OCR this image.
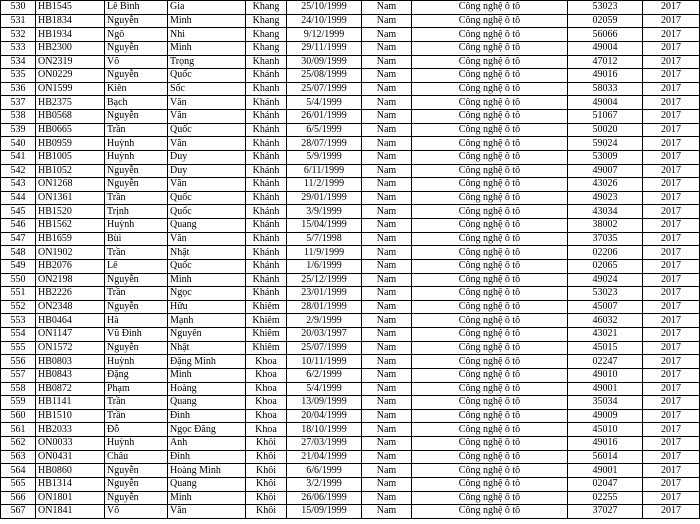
530	HB1545	Lê Bình	Gia	Khang	25/10/1999	Nam	Công nghệ ô tô	53023	2017
531	HB1834	Nguyễn	Minh	Khang	24/10/1999	Nam	Công nghệ ô tô	02059	2017
532	HB1934	Ngô	Nhi	Khang	9/12/1999	Nam	Công nghệ ô tô	56066	2017
533	HB2300	Nguyễn	Minh	Khang	29/11/1999	Nam	Công nghệ ô tô	49004	2017
534	ON2319	Võ	Trọng	Khanh	30/09/1999	Nam	Công nghệ ô tô	47012	2017
535	ON0229	Nguyễn	Quốc	Khánh	25/08/1999	Nam	Công nghệ ô tô	49016	2017
536	ON1599	Kiên	Sốc	Khanh	25/07/1999	Nam	Công nghệ ô tô	58033	2017
537	HB2375	Bạch	Văn	Khánh	5/4/1999	Nam	Công nghệ ô tô	49004	2017
538	HB0568	Nguyễn	Văn	Khánh	26/01/1999	Nam	Công nghệ ô tô	51067	2017
539	HB0665	Trần	Quốc	Khánh	6/5/1999	Nam	Công nghệ ô tô	50020	2017
540	HB0959	Huỳnh	Văn	Khánh	28/07/1999	Nam	Công nghệ ô tô	59024	2017
541	HB1005	Huỳnh	Duy	Khánh	5/9/1999	Nam	Công nghệ ô tô	53009	2017
542	HB1052	Nguyễn	Duy	Khánh	6/11/1999	Nam	Công nghệ ô tô	49007	2017
543	ON1268	Nguyễn	Văn	Khánh	11/2/1999	Nam	Công nghệ ô tô	43026	2017
544	ON1361	Trần	Quốc	Khánh	29/01/1999	Nam	Công nghệ ô tô	49023	2017
545	HB1520	Trịnh	Quốc	Khánh	3/9/1999	Nam	Công nghệ ô tô	43034	2017
546	HB1562	Huỳnh	Quang	Khánh	15/04/1999	Nam	Công nghệ ô tô	38002	2017
547	HB1659	Bùi	Văn	Khánh	5/7/1998	Nam	Công nghệ ô tô	37035	2017
548	ON1902	Trần	Nhật	Khánh	11/9/1999	Nam	Công nghệ ô tô	02206	2017
549	HB2076	Lê	Quốc	Khánh	1/6/1999	Nam	Công nghệ ô tô	02065	2017
550	ON2198	Nguyễn	Minh	Khánh	25/12/1999	Nam	Công nghệ ô tô	49024	2017
551	HB2226	Trần	Ngọc	Khánh	23/01/1999	Nam	Công nghệ ô tô	53023	2017
552	ON2348	Nguyễn	Hữu	Khiêm	28/01/1999	Nam	Công nghệ ô tô	45007	2017
553	HB0464	Hà	Mạnh	Khiêm	2/9/1999	Nam	Công nghệ ô tô	46032	2017
554	ON1147	Vũ Đình	Nguyên	Khiêm	20/03/1997	Nam	Công nghệ ô tô	43021	2017
555	ON1572	Nguyễn	Nhật	Khiêm	25/07/1999	Nam	Công nghệ ô tô	45015	2017
556	HB0803	Huỳnh	Đặng Minh	Khoa	10/11/1999	Nam	Công nghệ ô tô	02247	2017
557	HB0843	Đặng	Minh	Khoa	6/2/1999	Nam	Công nghệ ô tô	49010	2017
558	HB0872	Phạm	Hoàng	Khoa	5/4/1999	Nam	Công nghệ ô tô	49001	2017
559	HB1141	Trần	Quang	Khoa	13/09/1999	Nam	Công nghệ ô tô	35034	2017
560	HB1510	Trần	Đình	Khoa	20/04/1999	Nam	Công nghệ ô tô	49009	2017
561	HB2033	Đỗ	Ngọc Đăng	Khoa	18/10/1999	Nam	Công nghệ ô tô	45010	2017
562	ON0033	Huỳnh	Anh	Khôi	27/03/1999	Nam	Công nghệ ô tô	49016	2017
563	ON0431	Châu	Đình	Khôi	21/04/1999	Nam	Công nghệ ô tô	56014	2017
564	HB0860	Nguyễn	Hoàng Minh	Khôi	6/6/1999	Nam	Công nghệ ô tô	49001	2017
565	HB1314	Nguyễn	Quang	Khôi	3/2/1999	Nam	Công nghệ ô tô	02047	2017
566	ON1801	Nguyễn	Minh	Khôi	26/06/1999	Nam	Công nghệ ô tô	02255	2017
567	ON1841	Võ	Văn	Khôi	15/09/1999	Nam	Công nghệ ô tô	37027	2017
